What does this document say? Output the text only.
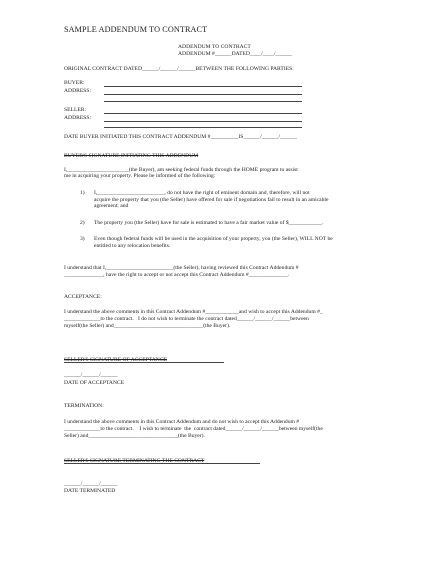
SAMPLE ADDENDUM TO CONTRACT
ADDENDUM TO CONTRACT
ADDENDUM #______DATED____/____/______
ORIGINAL CONTRACT DATED______/______/______BETWEEN THE FOLLOWING PARTIES:
BUYER:
ADDRESS:
SELLER:
ADDRESS:
DATE BUYER INITIATED THIS CONTRACT ADDENDUM #__________IS______/______/______
BUYER'S SIGNATURE INITIATING THIS ADDENDUM
I,______________________(the Buyer), am seeking federal funds through the HOME program to assist
me in acquiring your property. Please be informed of the following:
1) I,________________________, do not have the right of eminent domain and, therefore, will not
acquire the property that you (the Seller) have offered for sale if negotiations fail to result in an amicable
agreement; and
2) The property you (the Seller) have for sale is estimated to have a fair market value of $____________.
3) Even though federal funds will be used in the acquisition of your property, you (the Seller), WILL NOT be
entitled to any relocation benefits.
I understand that I,________________________(the Seller), having reviewed this Contract Addendum #
______________, have the right to accept or not accept this Contract Addendum #______________.
ACCEPTANCE:
I understand the above comments in this Contract Addendum #____________and wish to accept this Addendum #_
_____________to the contract.   I do not wish to terminate the contract dated______/______/______between
myself(the Seller) and________________________________(the Buyer).
SELLER'S SIGNATURE OF ACCEPTANCE
______/______/______
DATE OF ACCEPTANCE
TERMINATION:
I understand the above comments in this Contract Addendum and do not wish to accept this Addendum #
_____________to the contract.    I wish to terminate  the  contract dated______/______/______between myself(the
Seller) and________________________________(the Buyer).
SELLER'S SIGNATURE TERMINATING THE CONTRACT
______/______/______
DATE TERMINATED
